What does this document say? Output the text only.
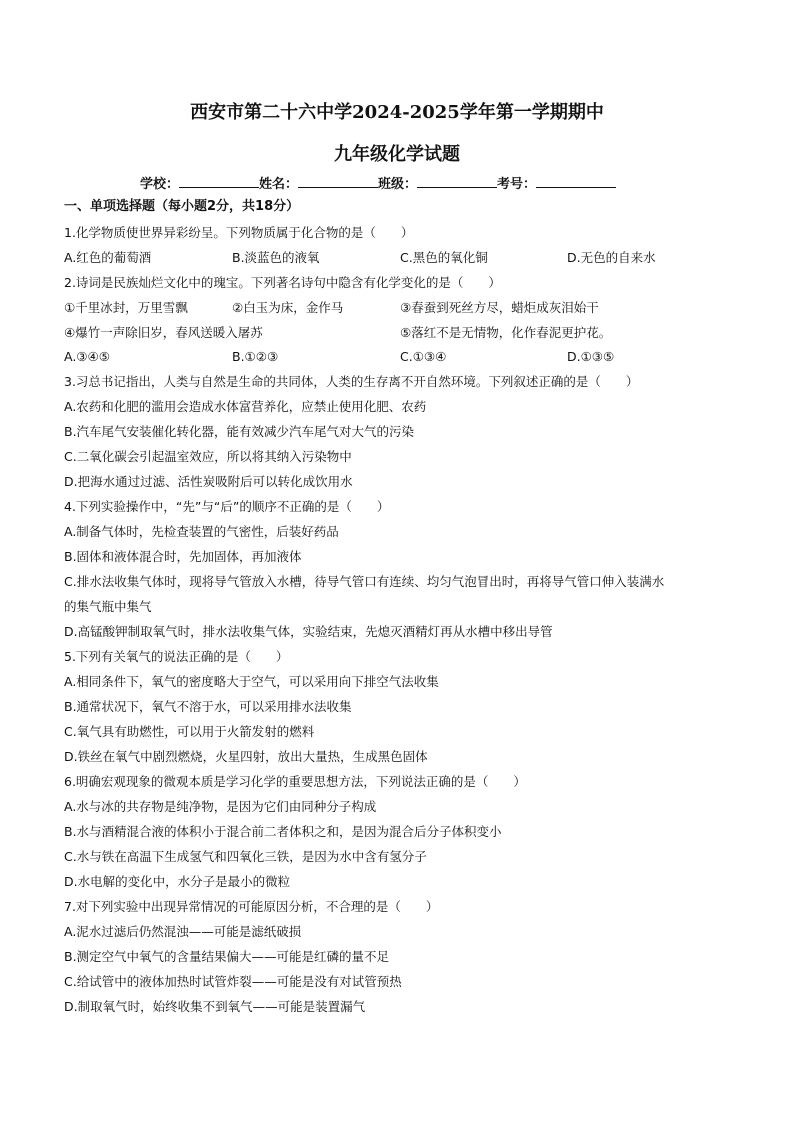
西安市第二十六中学2024-2025学年第一学期期中
九年级化学试题
学校：	姓名：	班级：	考号：
一、单项选择题（每小题2分，共18分）
1.化学物质使世界异彩纷呈。下列物质属于化合物的是（　　）
A.红色的葡萄酒	B.淡蓝色的液氧	C.黑色的氧化铜	D.无色的自来水
2.诗词是民族灿烂文化中的瑰宝。下列著名诗句中隐含有化学变化的是（　　）
①千里冰封，万里雪飘	②白玉为床，金作马	③春蚕到死丝方尽，蜡炬成灰泪始干
④爆竹一声除旧岁，春风送暖入屠苏	⑤落红不是无情物，化作春泥更护花。
A.③④⑤	B.①②③	C.①③④	D.①③⑤
3.习总书记指出，人类与自然是生命的共同体，人类的生存离不开自然环境。下列叙述正确的是（　　）
A.农药和化肥的滥用会造成水体富营养化，应禁止使用化肥、农药
B.汽车尾气安装催化转化器，能有效减少汽车尾气对大气的污染
C.二氧化碳会引起温室效应，所以将其纳入污染物中
D.把海水通过过滤、活性炭吸附后可以转化成饮用水
4.下列实验操作中，“先”与“后”的顺序不正确的是（　　）
A.制备气体时，先检查装置的气密性，后装好药品
B.固体和液体混合时，先加固体，再加液体
C.排水法收集气体时，现将导气管放入水槽，待导气管口有连续、均匀气泡冒出时，再将导气管口伸入装满水
的集气瓶中集气
D.高锰酸钾制取氧气时，排水法收集气体，实验结束，先熄灭酒精灯再从水槽中移出导管
5.下列有关氧气的说法正确的是（　　）
A.相同条件下，氧气的密度略大于空气，可以采用向下排空气法收集
B.通常状况下，氧气不溶于水，可以采用排水法收集
C.氧气具有助燃性，可以用于火箭发射的燃料
D.铁丝在氧气中剧烈燃烧，火星四射，放出大量热，生成黑色固体
6.明确宏观现象的微观本质是学习化学的重要思想方法，下列说法正确的是（　　）
A.水与冰的共存物是纯净物，是因为它们由同种分子构成
B.水与酒精混合液的体积小于混合前二者体积之和，是因为混合后分子体积变小
C.水与铁在高温下生成氢气和四氧化三铁，是因为水中含有氢分子
D.水电解的变化中，水分子是最小的微粒
7.对下列实验中出现异常情况的可能原因分析，不合理的是（　　）
A.泥水过滤后仍然混浊——可能是滤纸破损
B.测定空气中氧气的含量结果偏大——可能是红磷的量不足
C.给试管中的液体加热时试管炸裂——可能是没有对试管预热
D.制取氧气时，始终收集不到氧气——可能是装置漏气
